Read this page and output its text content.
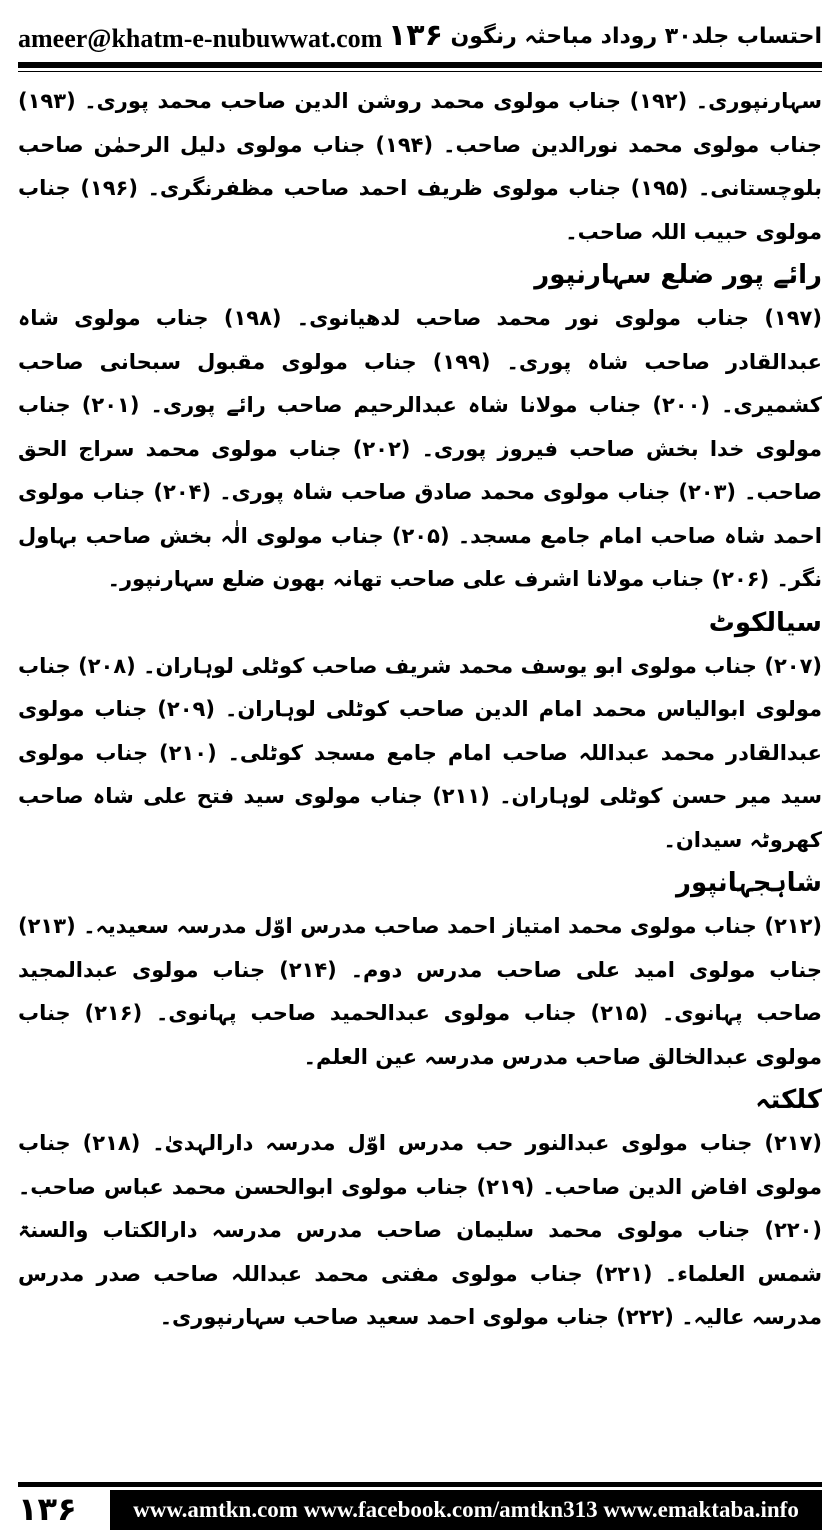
ameer@khatm-e-nubuwwat.com ۱۳۶ احتساب جلد۳۰ روداد مباحثہ رنگون

سہارنپوری۔ (۱۹۲) جناب مولوی محمد روشن الدین صاحب محمد پوری۔ (۱۹۳) جناب مولوی محمد نورالدین صاحب۔ (۱۹۴) جناب مولوی دلیل الرحمٰن صاحب بلوچستانی۔ (۱۹۵) جناب مولوی ظریف احمد صاحب مظفرنگری۔ (۱۹۶) جناب مولوی حبیب اللہ صاحب۔

رائے پور ضلع سہارنپور

(۱۹۷) جناب مولوی نور محمد صاحب لدھیانوی۔ (۱۹۸) جناب مولوی شاہ عبدالقادر صاحب شاہ پوری۔ (۱۹۹) جناب مولوی مقبول سبحانی صاحب کشمیری۔ (۲۰۰) جناب مولانا شاہ عبدالرحیم صاحب رائے پوری۔ (۲۰۱) جناب مولوی خدا بخش صاحب فیروز پوری۔ (۲۰۲) جناب مولوی محمد سراج الحق صاحب۔ (۲۰۳) جناب مولوی محمد صادق صاحب شاہ پوری۔ (۲۰۴) جناب مولوی احمد شاہ صاحب امام جامع مسجد۔ (۲۰۵) جناب مولوی الٰہ بخش صاحب بہاول نگر۔ (۲۰۶) جناب مولانا اشرف علی صاحب تھانہ بھون ضلع سہارنپور۔

سیالکوٹ

(۲۰۷) جناب مولوی ابو یوسف محمد شریف صاحب کوٹلی لوہاران۔ (۲۰۸) جناب مولوی ابوالیاس محمد امام الدین صاحب کوٹلی لوہاران۔ (۲۰۹) جناب مولوی عبدالقادر محمد عبداللہ صاحب امام جامع مسجد کوٹلی۔ (۲۱۰) جناب مولوی سید میر حسن کوٹلی لوہاران۔ (۲۱۱) جناب مولوی سید فتح علی شاہ صاحب کھروٹہ سیدان۔

شاہجہانپور

(۲۱۲) جناب مولوی محمد امتیاز احمد صاحب مدرس اوّل مدرسہ سعیدیہ۔ (۲۱۳) جناب مولوی امید علی صاحب مدرس دوم۔ (۲۱۴) جناب مولوی عبدالمجید صاحب پہانوی۔ (۲۱۵) جناب مولوی عبدالحمید صاحب پہانوی۔ (۲۱۶) جناب مولوی عبدالخالق صاحب مدرس مدرسہ عین العلم۔

کلکتہ

(۲۱۷) جناب مولوی عبدالنور حب مدرس اوّل مدرسہ دارالہدیٰ۔ (۲۱۸) جناب مولوی افاض الدین صاحب۔ (۲۱۹) جناب مولوی ابوالحسن محمد عباس صاحب۔ (۲۲۰) جناب مولوی محمد سلیمان صاحب مدرس مدرسہ دارالکتاب والسنۃ شمس العلماء۔ (۲۲۱) جناب مولوی مفتی محمد عبداللہ صاحب صدر مدرس مدرسہ عالیہ۔ (۲۲۲) جناب مولوی احمد سعید صاحب سہارنپوری۔

۱۳۶	www.amtkn.com www.facebook.com/amtkn313 www.emaktaba.info
